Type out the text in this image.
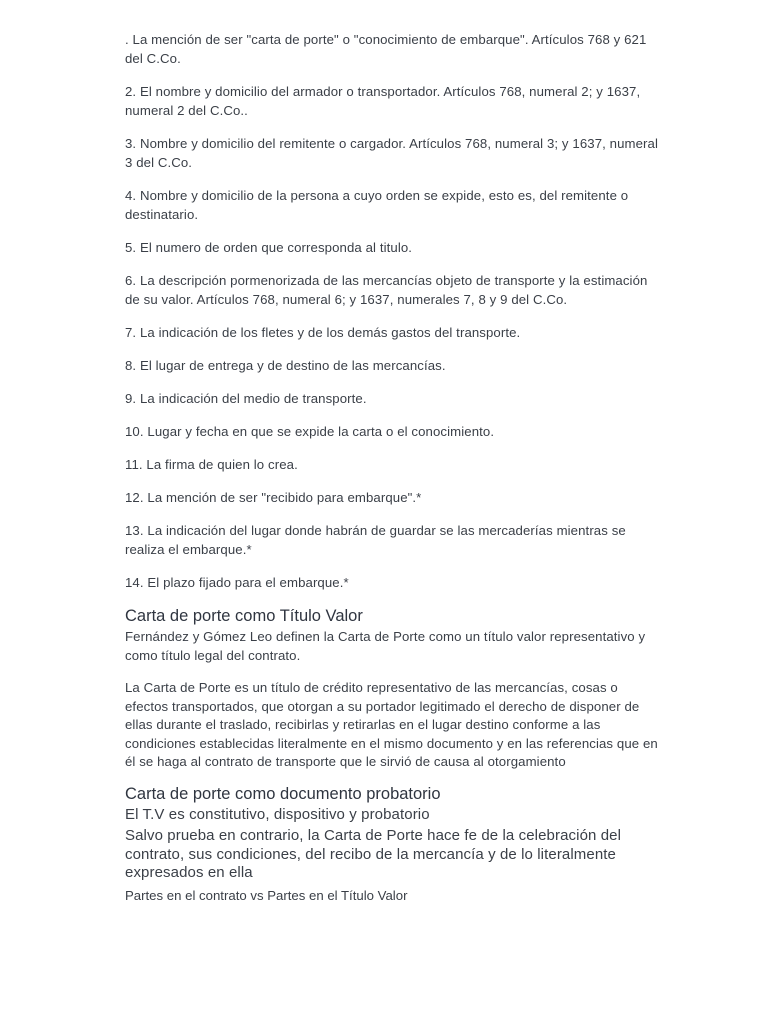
. La mención de ser "carta de porte" o "conocimiento de embarque". Artículos 768 y 621 del C.Co.

2. El nombre y domicilio del armador o transportador. Artículos 768, numeral 2; y 1637, numeral 2 del C.Co..

3. Nombre y domicilio del remitente o cargador. Artículos 768, numeral 3; y 1637, numeral 3 del C.Co.

4. Nombre y domicilio de la persona a cuyo orden se expide, esto es, del remitente o destinatario.

5. El numero de orden que corresponda al titulo.

6. La descripción pormenorizada de las mercancías objeto de transporte y la estimación de su valor. Artículos 768, numeral 6; y 1637, numerales 7, 8 y 9 del C.Co.

7. La indicación de los fletes y de los demás gastos del transporte.

8. El lugar de entrega y de destino de las mercancías.

9. La indicación del medio de transporte.

10. Lugar y fecha en que se expide la carta o el conocimiento.

11. La firma de quien lo crea.

12. La mención de ser "recibido para embarque".*

13. La indicación del lugar donde habrán de guardar se las mercaderías mientras se realiza el embarque.*

14. El plazo fijado para el embarque.*

Carta de porte como Título Valor

Fernández y Gómez Leo definen la Carta de Porte como un título valor representativo y como título legal del contrato.

La Carta de Porte es un título de crédito representativo de las mercancías, cosas o efectos transportados, que otorgan a su portador legitimado el derecho de disponer de ellas durante el traslado, recibirlas y retirarlas en el lugar destino conforme a las condiciones establecidas literalmente en el mismo documento y en las referencias que en él se haga al contrato de transporte que le sirvió de causa al otorgamiento

Carta de porte como documento probatorio

El T.V es constitutivo, dispositivo y probatorio

Salvo prueba en contrario, la Carta de Porte hace fe de la celebración del contrato, sus condiciones, del recibo de la mercancía y de lo literalmente expresados en ella

Partes en el contrato vs Partes en el Título Valor
